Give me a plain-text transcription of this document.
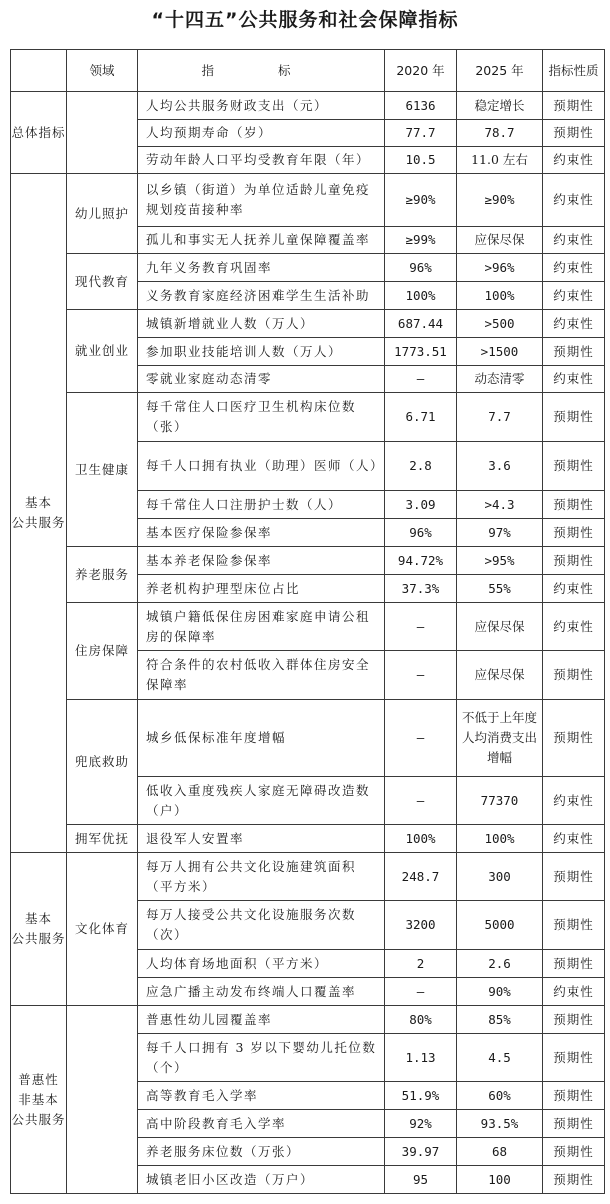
“十四五”公共服务和社会保障指标
	领域	指 标	2020 年	2025 年	指标性质

总体指标		人均公共服务财政支出（元）	6136	稳定增长	预期性
		人均预期寿命（岁）	77.7	78.7	预期性
		劳动年龄人口平均受教育年限（年）	10.5	11.0 左右	约束性

基本
公共服务	幼儿照护	以乡镇（街道）为单位适龄儿童免疫规划疫苗接种率	≥90%	≥90%	约束性
		孤儿和事实无人抚养儿童保障覆盖率	≥99%	应保尽保	约束性
	现代教育	九年义务教育巩固率	96%	>96%	约束性
		义务教育家庭经济困难学生生活补助	100%	100%	约束性
	就业创业	城镇新增就业人数（万人）	687.44	>500	约束性
		参加职业技能培训人数（万人）	1773.51	>1500	预期性
		零就业家庭动态清零	—	动态清零	约束性
	卫生健康	每千常住人口医疗卫生机构床位数（张）	6.71	7.7	预期性
		每千人口拥有执业（助理）医师（人）	2.8	3.6	预期性
		每千常住人口注册护士数（人）	3.09	>4.3	预期性
		基本医疗保险参保率	96%	97%	预期性
	养老服务	基本养老保险参保率	94.72%	>95%	预期性
		养老机构护理型床位占比	37.3%	55%	约束性
	住房保障	城镇户籍低保住房困难家庭申请公租房的保障率	—	应保尽保	约束性
		符合条件的农村低收入群体住房安全保障率	—	应保尽保	预期性
	兜底救助	城乡低保标准年度增幅	—	不低于上年度人均消费支出增幅	预期性
		低收入重度残疾人家庭无障碍改造数（户）	—	77370	约束性
	拥军优抚	退役军人安置率	100%	100%	约束性

基本
公共服务	文化体育	每万人拥有公共文化设施建筑面积（平方米）	248.7	300	预期性
		每万人接受公共文化设施服务次数（次）	3200	5000	预期性
		人均体育场地面积（平方米）	2	2.6	预期性
		应急广播主动发布终端人口覆盖率	—	90%	约束性

普惠性
非基本
公共服务		普惠性幼儿园覆盖率	80%	85%	预期性
		每千人口拥有 3 岁以下婴幼儿托位数（个）	1.13	4.5	预期性
		高等教育毛入学率	51.9%	60%	预期性
		高中阶段教育毛入学率	92%	93.5%	预期性
		养老服务床位数（万张）	39.97	68	预期性
		城镇老旧小区改造（万户）	95	100	预期性
